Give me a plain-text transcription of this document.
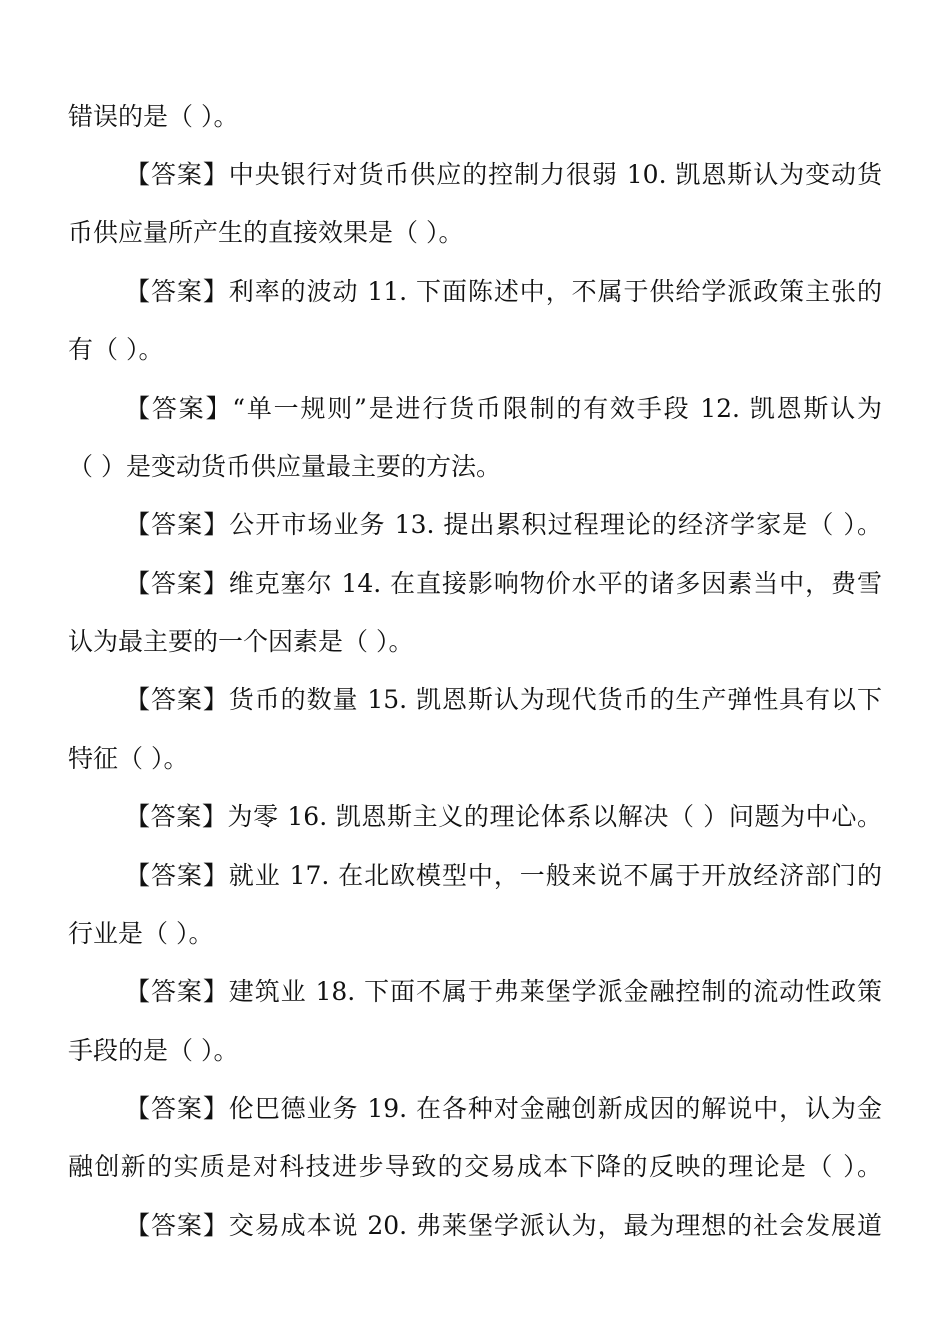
错误的是（ ）。
【答案】中央银行对货币供应的控制力很弱 10. 凯恩斯认为变动货
币供应量所产生的直接效果是（ ）。
【答案】利率的波动 11. 下面陈述中，不属于供给学派政策主张的
有（ ）。
【答案】“单一规则”是进行货币限制的有效手段 12. 凯恩斯认为
（ ）是变动货币供应量最主要的方法。
【答案】公开市场业务 13. 提出累积过程理论的经济学家是（ ）。
【答案】维克塞尔 14. 在直接影响物价水平的诸多因素当中，费雪
认为最主要的一个因素是（ ）。
【答案】货币的数量 15. 凯恩斯认为现代货币的生产弹性具有以下
特征（ ）。
【答案】为零 16. 凯恩斯主义的理论体系以解决（ ）问题为中心。
【答案】就业 17. 在北欧模型中，一般来说不属于开放经济部门的
行业是（ ）。
【答案】建筑业 18. 下面不属于弗莱堡学派金融控制的流动性政策
手段的是（ ）。
【答案】伦巴德业务 19. 在各种对金融创新成因的解说中，认为金
融创新的实质是对科技进步导致的交易成本下降的反映的理论是（ ）。
【答案】交易成本说 20. 弗莱堡学派认为，最为理想的社会发展道
